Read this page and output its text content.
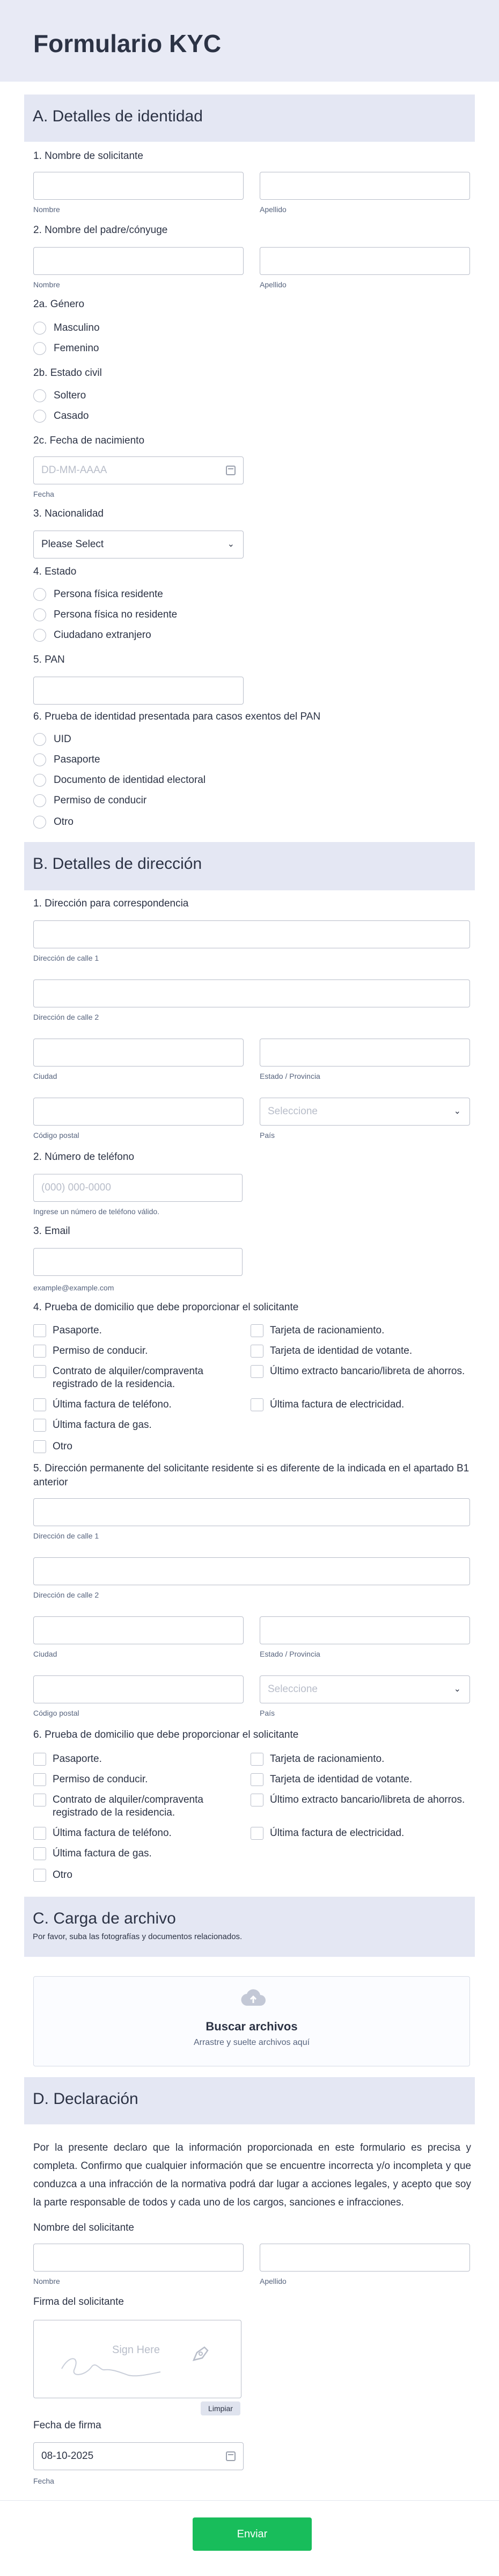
Formulario KYC
A. Detalles de identidad
1. Nombre de solicitante
Nombre	Apellido
2. Nombre del padre/cónyuge
Nombre	Apellido
2a. Género
Masculino
Femenino
2b. Estado civil
Soltero
Casado
2c. Fecha de nacimiento
DD-MM-AAAA
Fecha
3. Nacionalidad
Please Select	⌄
4. Estado
Persona física residente
Persona física no residente
Ciudadano extranjero
5. PAN
6. Prueba de identidad presentada para casos exentos del PAN
UID
Pasaporte
Documento de identidad electoral
Permiso de conducir
Otro
B. Detalles de dirección
1. Dirección para correspondencia
Dirección de calle 1
Dirección de calle 2
Ciudad	Estado / Provincia
Seleccione	⌄
Código postal	País
2. Número de teléfono
(000) 000-0000
Ingrese un número de teléfono válido.
3. Email
example@example.com
4. Prueba de domicilio que debe proporcionar el solicitante
Pasaporte.
Permiso de conducir.
Contrato de alquiler/compraventa registrado de la residencia.
Última factura de teléfono.
Última factura de gas.
Otro
Tarjeta de racionamiento.
Tarjeta de identidad de votante.
Último extracto bancario/libreta de ahorros.
Última factura de electricidad.
5. Dirección permanente del solicitante residente si es diferente de la indicada en el apartado B1 anterior
Dirección de calle 1
Dirección de calle 2
Ciudad	Estado / Provincia
Seleccione	⌄
Código postal	País
6. Prueba de domicilio que debe proporcionar el solicitante
Pasaporte.
Permiso de conducir.
Contrato de alquiler/compraventa registrado de la residencia.
Última factura de teléfono.
Última factura de gas.
Otro
Tarjeta de racionamiento.
Tarjeta de identidad de votante.
Último extracto bancario/libreta de ahorros.
Última factura de electricidad.
C. Carga de archivo
Por favor, suba las fotografías y documentos relacionados.
Buscar archivos
Arrastre y suelte archivos aquí
D. Declaración
Por la presente declaro que la información proporcionada en este formulario es precisa y completa. Confirmo que cualquier información que se encuentre incorrecta y/o incompleta y que conduzca a una infracción de la normativa podrá dar lugar a acciones legales, y acepto que soy la parte responsable de todos y cada uno de los cargos, sanciones e infracciones.
Nombre del solicitante
Nombre	Apellido
Firma del solicitante
Sign Here
Limpiar
Fecha de firma
08-10-2025
Fecha
Enviar
